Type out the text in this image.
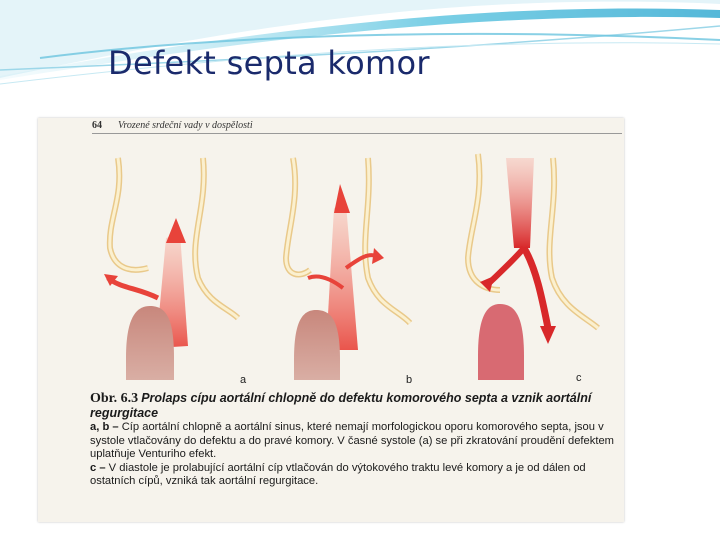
Defekt septa komor
64	Vrozené srdeční vady v dospělosti
a	b	c

Obr. 6.3 Prolaps cípu aortální chlopně do defektu komorového septa a vznik aortální regurgitace

a, b – Cíp aortální chlopně a aortální sinus, které nemají morfologickou oporu komorového septa, jsou v systole vtlačovány do defektu a do pravé komory. V časné systole (a) se při zkratování proudění defektem uplatňuje Venturiho efekt.

c – V diastole je prolabující aortální cíp vtlačován do výtokového traktu levé komory a je od dálen od ostatních cípů, vzniká tak aortální regurgitace.
